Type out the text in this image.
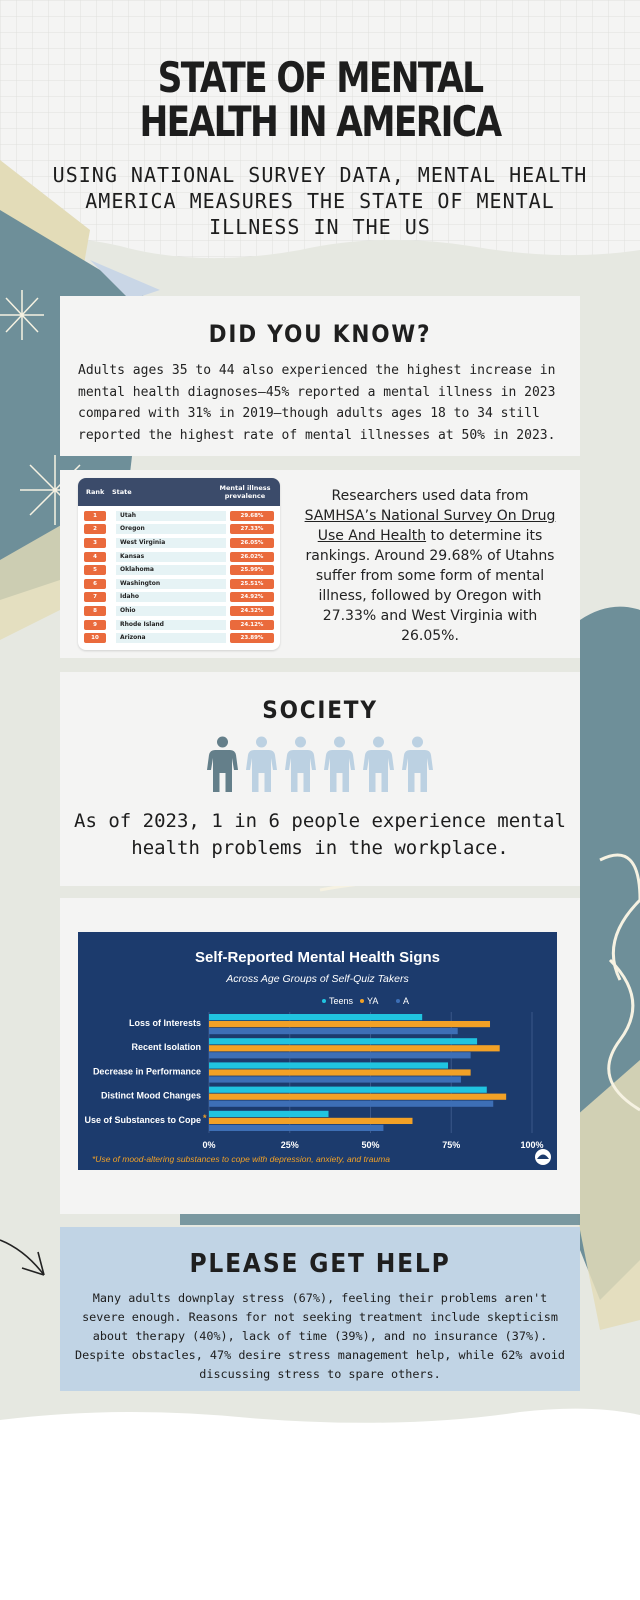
STATE OF MENTAL HEALTH IN AMERICA
USING NATIONAL SURVEY DATA, MENTAL HEALTH AMERICA MEASURES THE STATE OF MENTAL ILLNESS IN THE US
DID YOU KNOW?

Adults ages 35 to 44 also experienced the highest increase in mental health diagnoses—45% reported a mental illness in 2023 compared with 31% in 2019—though adults ages 18 to 34 still reported the highest rate of mental illnesses at 50% in 2023.

Rank	State	Mental illness prevalence
1	Utah	29.68%
2	Oregon	27.33%
3	West Virginia	26.05%
4	Kansas	26.02%
5	Oklahoma	25.99%
6	Washington	25.51%
7	Idaho	24.92%
8	Ohio	24.32%
9	Rhode Island	24.12%
10	Arizona	23.89%

Researchers used data from SAMHSA’s National Survey On Drug Use And Health to determine its rankings. Around 29.68% of Utahns suffer from some form of mental illness, followed by Oregon with 27.33% and West Virginia with 26.05%.

SOCIETY

As of 2023, 1 in 6 people experience mental health problems in the workplace.

Self-Reported Mental Health Signs
Across Age Groups of Self-Quiz Takers
Teens YA	A
0%	25%	50%	75%	100%
Loss of Interests
Recent Isolation
Decrease in Performance
Distinct Mood Changes
Use of Substances to Cope *
*Use of mood-altering substances to cope with depression, anxiety, and trauma
PLEASE GET HELP

Many adults downplay stress (67%), feeling their problems aren't severe enough. Reasons for not seeking treatment include skepticism about therapy (40%), lack of time (39%), and no insurance (37%). Despite obstacles, 47% desire stress management help, while 62% avoid discussing stress to spare others.
